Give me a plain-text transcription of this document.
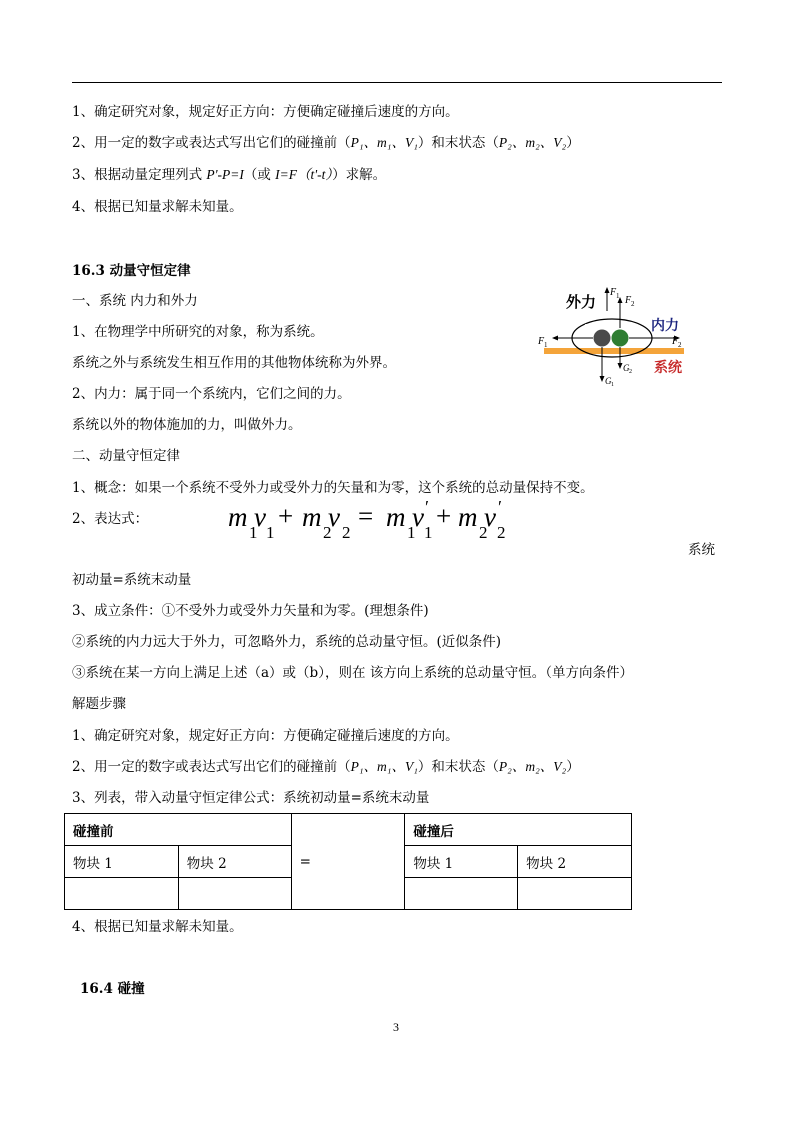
1、确定研究对象，规定好正方向：方便确定碰撞后速度的方向。
2、用一定的数字或表达式写出它们的碰撞前（P₁、m₁、V₁）和末状态（P₂、m₂、V₂）
3、根据动量定理列式 P'-P=I（或 I=F（t'-t））求解。
4、根据已知量求解未知量。
16.3 动量守恒定律
一、系统 内力和外力
1、在物理学中所研究的对象，称为系统。
系统之外与系统发生相互作用的其他物体统称为外界。
2、内力：属于同一个系统内，它们之间的力。
系统以外的物体施加的力，叫做外力。
二、动量守恒定律
1、概念：如果一个系统不受外力或受外力的矢量和为零，这个系统的总动量保持不变。
2、表达式：	m
1
v
1
+ m
2
v
2
= m
1
v ′
1
+ m
2
v ′
2
系统
初动量=系统末动量
3、成立条件：①不受外力或受外力矢量和为零。(理想条件)
②系统的内力远大于外力，可忽略外力，系统的总动量守恒。(近似条件)
③系统在某一方向上满足上述（a）或（b），则在 该方向上系统的总动量守恒。（单方向条件）
解题步骤
1、确定研究对象，规定好正方向：方便确定碰撞后速度的方向。
2、用一定的数字或表达式写出它们的碰撞前（P₁、m₁、V₁）和末状态（P₂、m₂、V₂）
3、列表，带入动量守恒定律公式：系统初动量=系统末动量
碰撞前		=	碰撞后	
物块 1	物块 2		物块 1	物块 2

4、根据已知量求解未知量。
16.4 碰撞
3
外力
内力
系统
A	B
F 1 F 2
F 1	F 2
G 2
G 1
